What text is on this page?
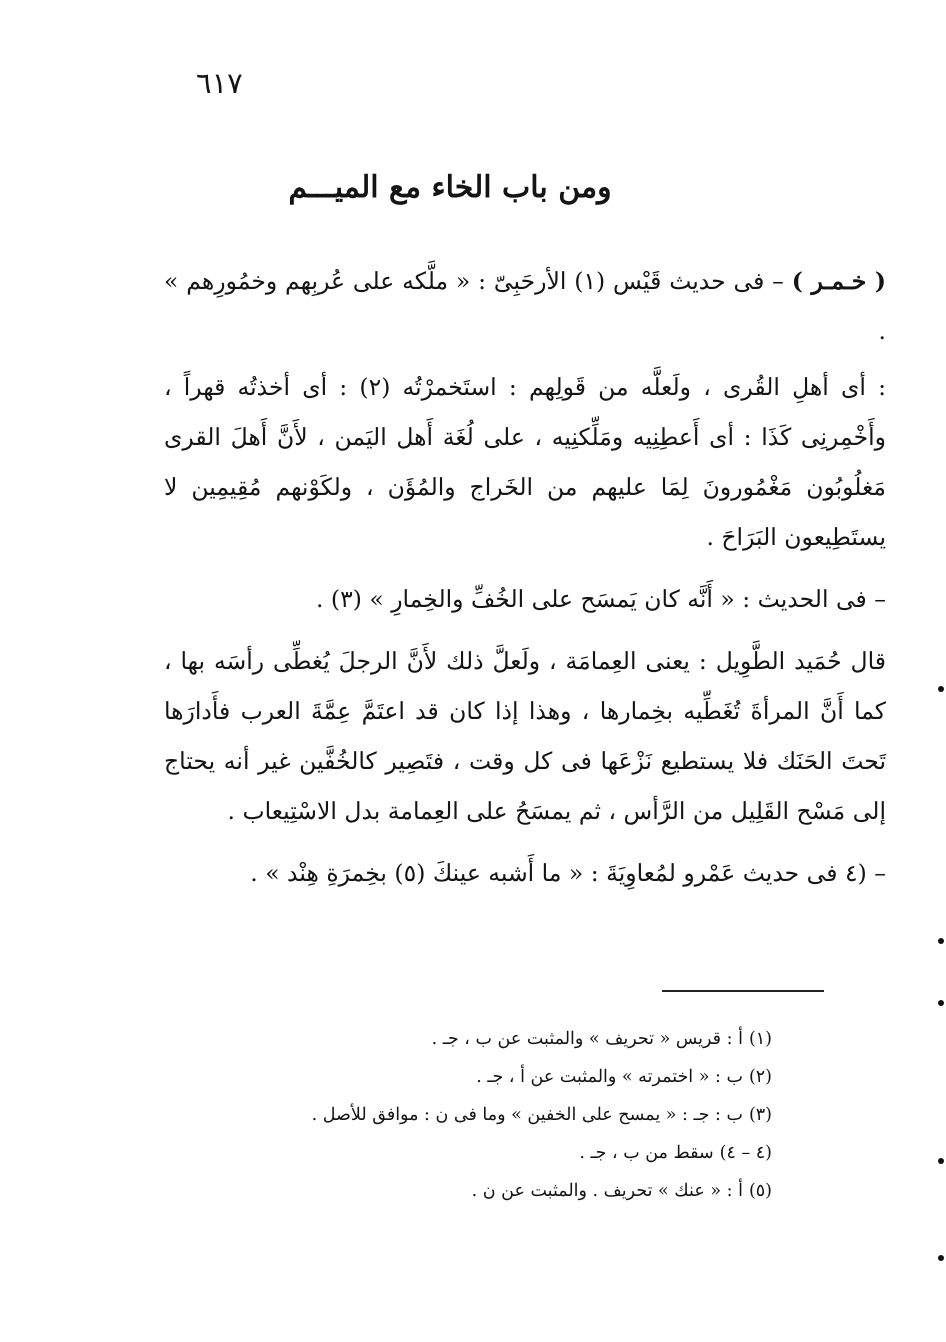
٦١٧
ومن باب الخاء مع الميـــم

( خـمـر ) – فى حديث قَيْس (١) الأرحَبِىّ : « ملَّكه على عُربِهم وخمُورِهم » .

: أى أهلِ القُرى ، ولَعلَّه من قَولِهم : استَخمرْتُه (٢) : أى أخذتُه قهراً ، وأَخْمِرنِى كَذَا : أى أَعطِنِيه ومَلِّكنِيه ، على لُغَة أَهل اليَمن ، لأَنَّ أَهلَ القرى مَغلُوبُون مَغْمُورونَ لِمَا عليهم من الخَراج والمُؤَن ، ولكَوْنهم مُقِيمِين لا يستَطِيعون البَرَاحَ .

– فى الحديث : « أَنَّه كان يَمسَح على الخُفِّ والخِمارِ » (٣) .

قال حُمَيد الطَّوِيل : يعنى العِمامَة ، ولَعلَّ ذلك لأَنَّ الرجلَ يُغطِّى رأسَه بها ، كما أَنَّ المرأةَ تُغَطِّيه بخِمارها ، وهذا إذا كان قد اعتَمَّ عِمَّةَ العرب فأَدارَها تَحتَ الحَنَك فلا يستطيع نَزْعَها فى كل وقت ، فتَصِير كالخُفَّين غير أنه يحتاج إلى مَسْح القَلِيل من الرَّأس ، ثم يمسَحُ على العِمامة بدل الاسْتِيعاب .

– (٤ فى حديث عَمْرو لمُعاوِيَةَ : « ما أَشبه عينكَ (٥) بخِمرَةِ هِنْد » .

(١)أ : قريس « تحريف » والمثبت عن ب ، جـ .
(٢)ب : « اختمرته » والمثبت عن أ ، جـ .
(٣)ب : جـ : « يمسح على الخفين » وما فى ن : موافق للأصل .
(٤ – ٤)سقط من ب ، جـ .
(٥)أ : « عنك » تحريف . والمثبت عن ن .
